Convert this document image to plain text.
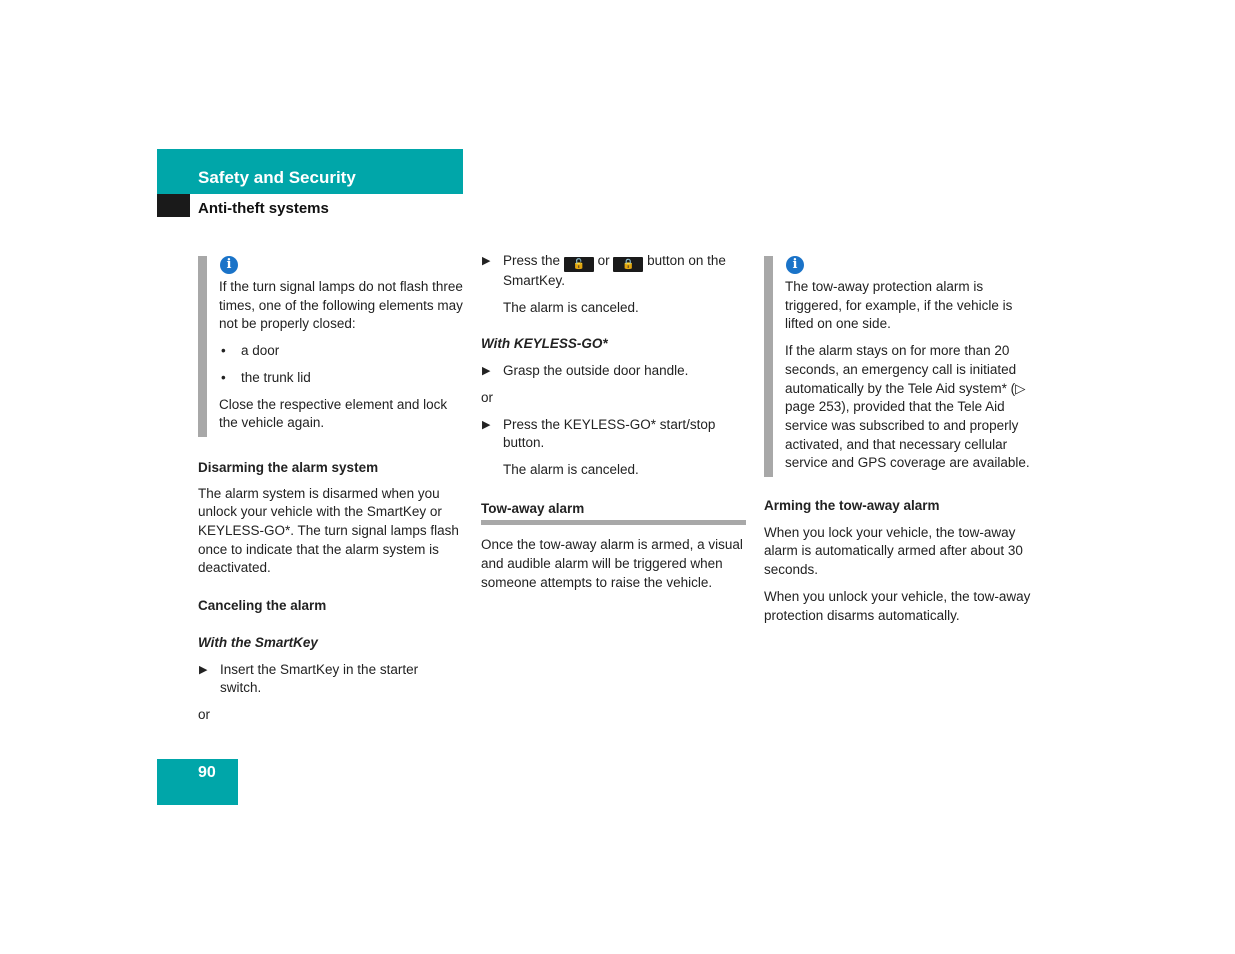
Safety and Security
Anti-theft systems
i

If the turn signal lamps do not flash three times, one of the following elements may not be properly closed:

• a door
• the trunk lid

Close the respective element and lock the vehicle again.

Disarming the alarm system

The alarm system is disarmed when you unlock your vehicle with the SmartKey or KEYLESS-GO*. The turn signal lamps flash once to indicate that the alarm system is deactivated.

Canceling the alarm

With the SmartKey

▶ Insert the SmartKey in the starter switch.

or

▶ Press the 🔓 or 🔒 button on the SmartKey.

The alarm is canceled.

With KEYLESS-GO*

▶ Grasp the outside door handle.

or

▶ Press the KEYLESS-GO* start/stop button.

The alarm is canceled.

Tow-away alarm

Once the tow-away alarm is armed, a visual and audible alarm will be triggered when someone attempts to raise the vehicle.

i

The tow-away protection alarm is triggered, for example, if the vehicle is lifted on one side.

If the alarm stays on for more than 20 seconds, an emergency call is initiated automatically by the Tele Aid system* (▷ page 253), provided that the Tele Aid service was subscribed to and properly activated, and that necessary cellular service and GPS coverage are available.

Arming the tow-away alarm

When you lock your vehicle, the tow-away alarm is automatically armed after about 30 seconds.

When you unlock your vehicle, the tow-away protection disarms automatically.

90
